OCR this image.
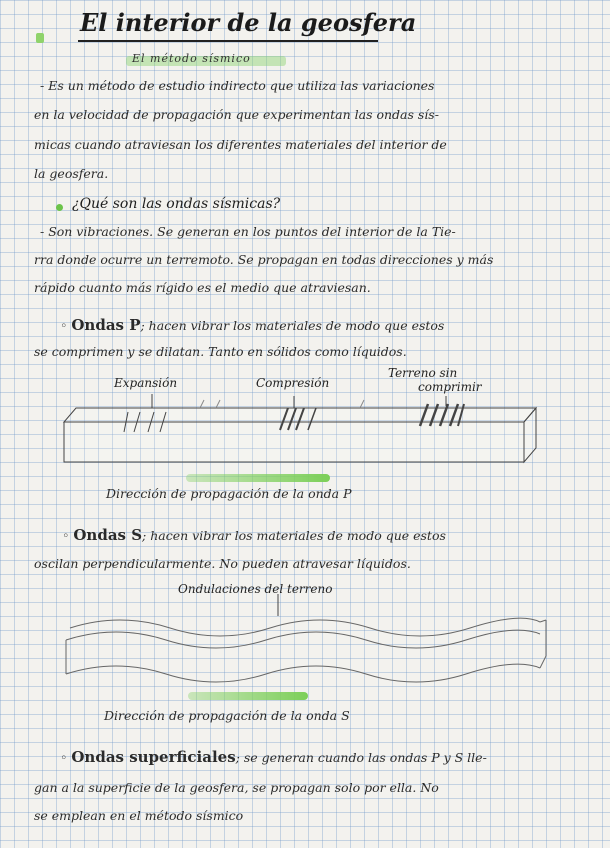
El interior de la geosfera
El método sísmico
- Es un método de estudio indirecto que utiliza las variaciones
en la velocidad de propagación que experimentan las ondas sís-
micas cuando atraviesan los diferentes materiales del interior de
la geosfera.
¿Qué son las ondas sísmicas?
- Son vibraciones. Se generan en los puntos del interior de la Tie-
rra donde ocurre un terremoto. Se propagan en todas direcciones y más
rápido cuanto más rígido es el medio que atraviesan.
◦ Ondas P; hacen vibrar los materiales de modo que estos
se comprimen y se dilatan. Tanto en sólidos como líquidos.
Expansión	Compresión
Terreno sin
comprimir
Dirección de propagación de la onda P
◦ Ondas S; hacen vibrar los materiales de modo que estos
oscilan perpendicularmente. No pueden atravesar líquidos.
Ondulaciones del terreno
Dirección de propagación de la onda S
◦ Ondas superficiales; se generan cuando las ondas P y S lle-
gan a la superficie de la geosfera, se propagan solo por ella. No
se emplean en el método sísmico
